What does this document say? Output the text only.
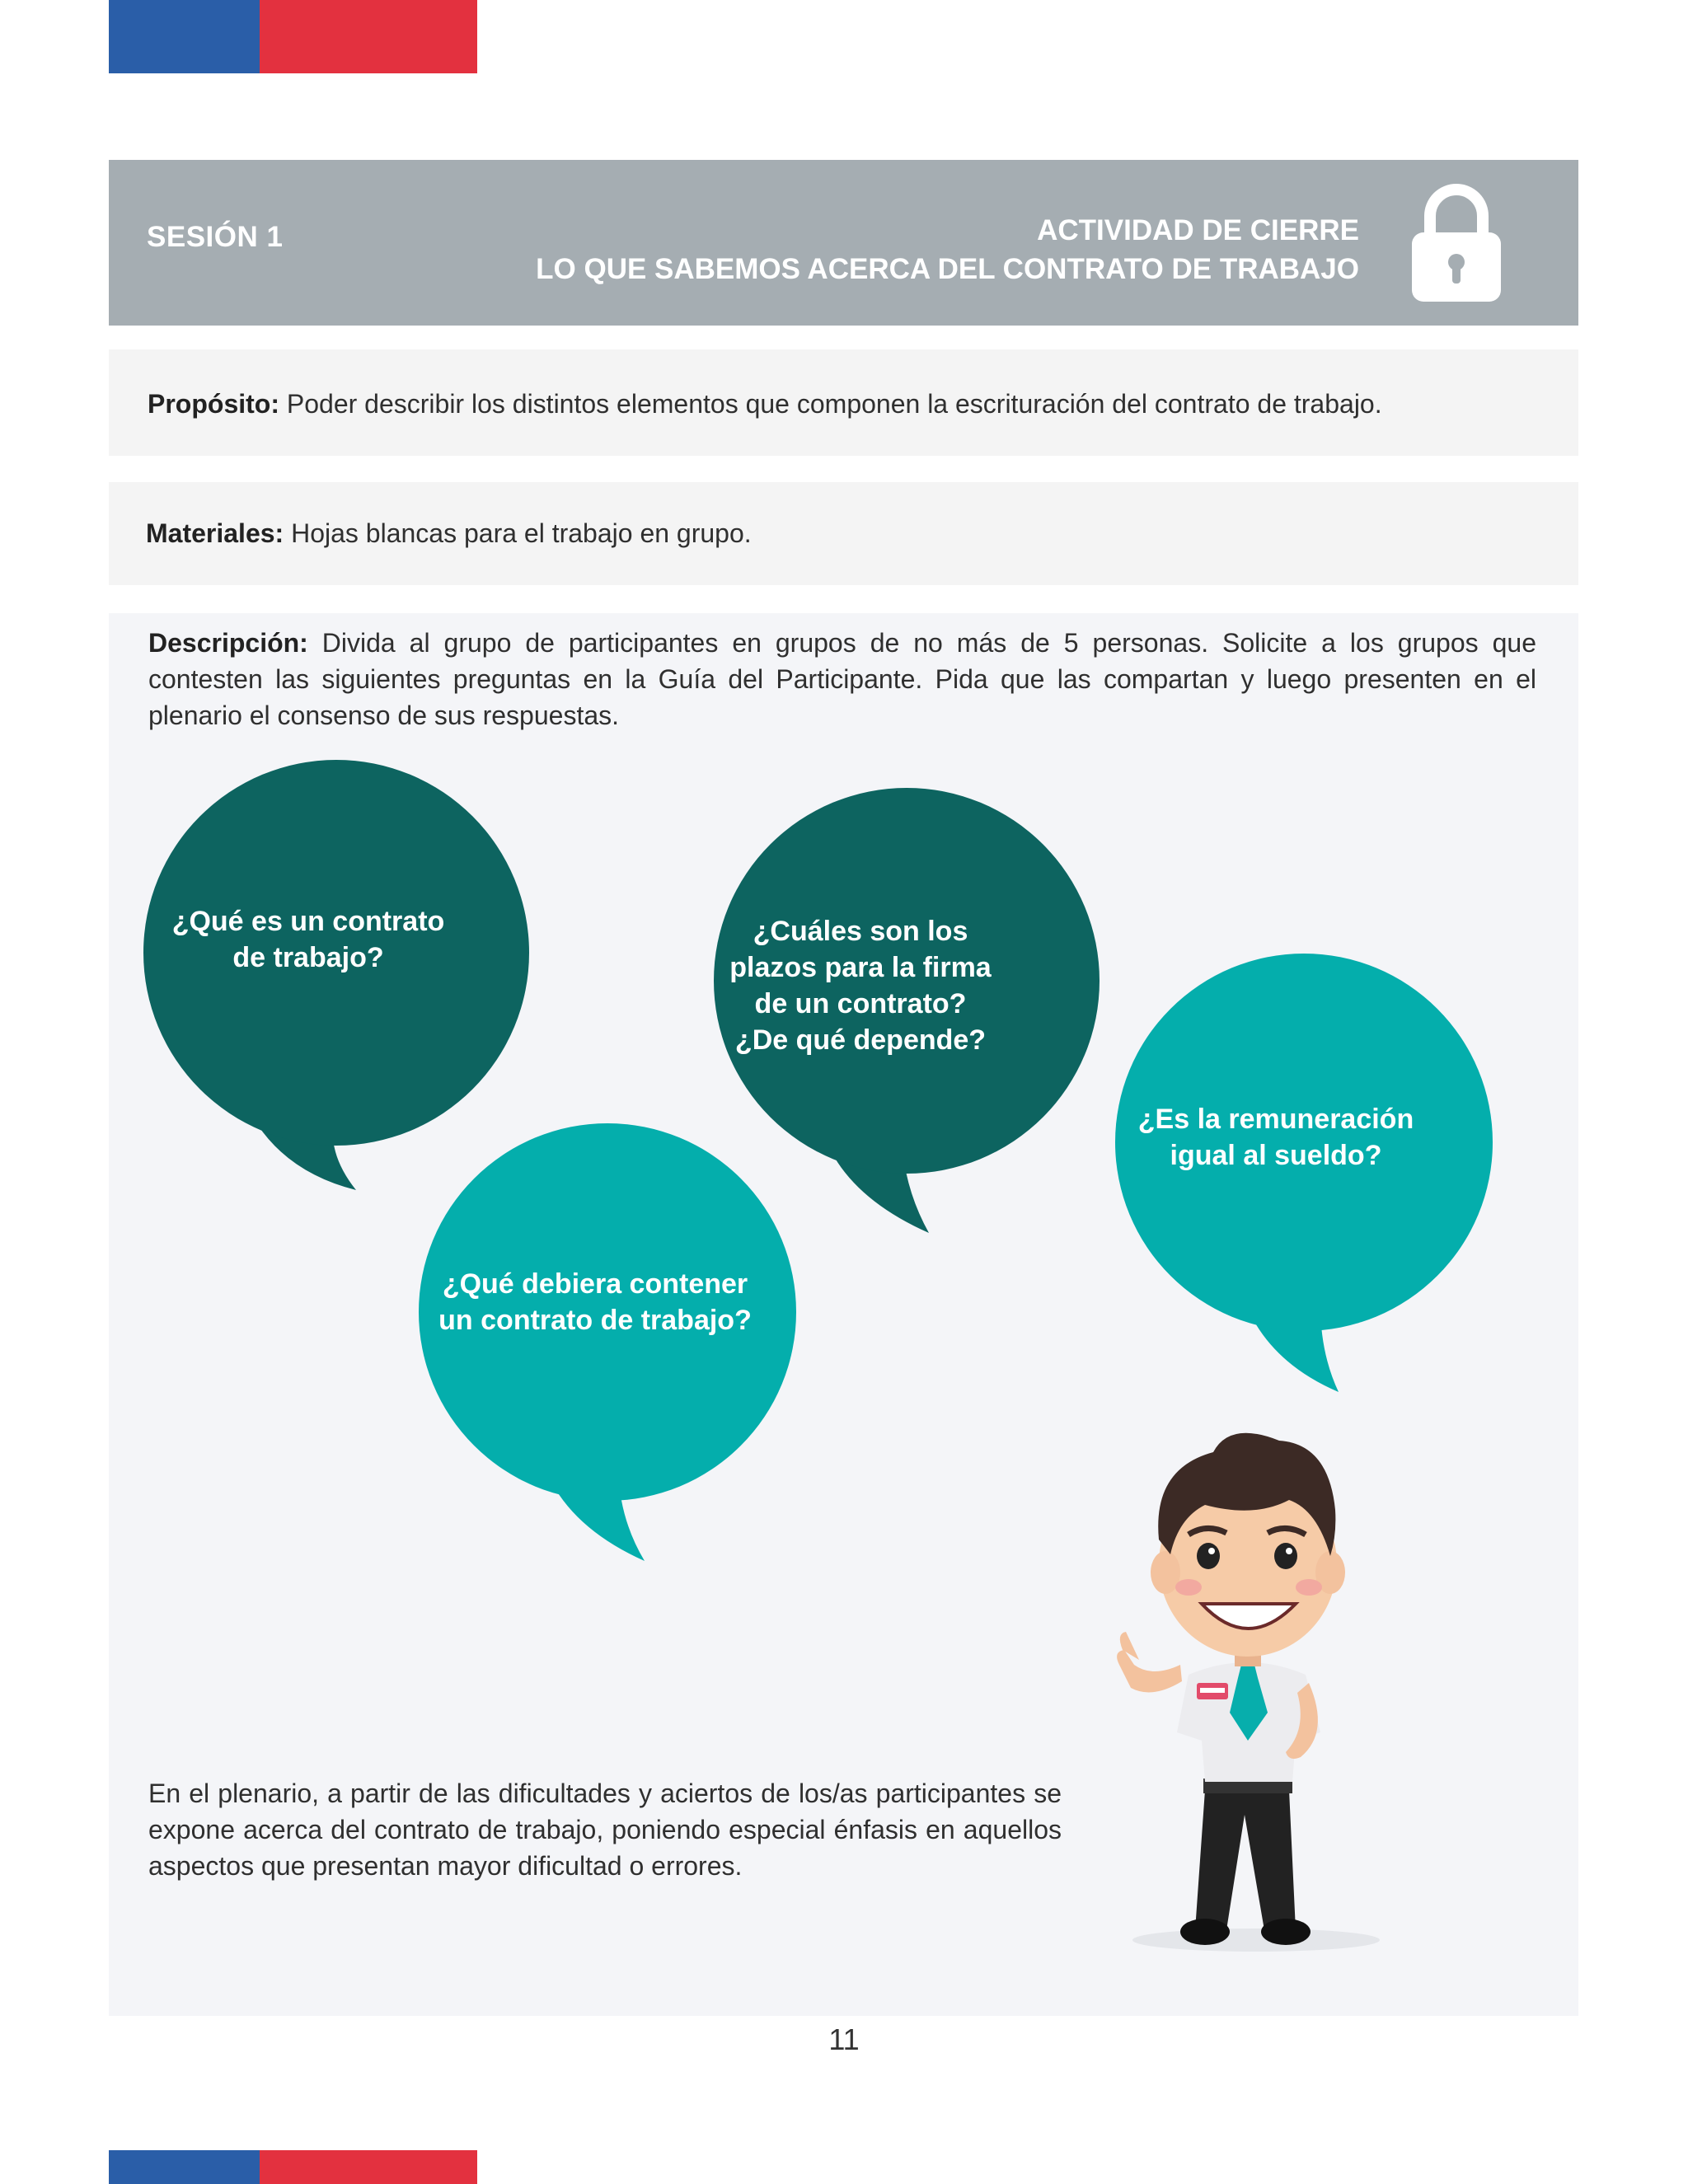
SESIÓN 1	ACTIVIDAD DE CIERRE
LO QUE SABEMOS ACERCA DEL CONTRATO DE TRABAJO

Propósito: Poder describir los distintos elementos que componen la escrituración del contrato de trabajo.

Materiales: Hojas blancas para el trabajo en grupo.

Descripción: Divida al grupo de participantes en grupos de no más de 5 personas. Solicite a los grupos que contesten las siguientes preguntas en la Guía del Participante. Pida que las compartan y luego presenten en el plenario el consenso de sus respuestas.

¿Qué es un contrato de trabajo?
¿Cuáles son los plazos para la firma de un contrato? ¿De qué depende?
¿Es la remuneración igual al sueldo?
¿Qué debiera contener un contrato de trabajo?

En el plenario, a partir de las dificultades y aciertos de los/as participantes se expone acerca del contrato de trabajo, poniendo especial énfasis en aquellos aspectos que presentan mayor dificultad o errores.

11
